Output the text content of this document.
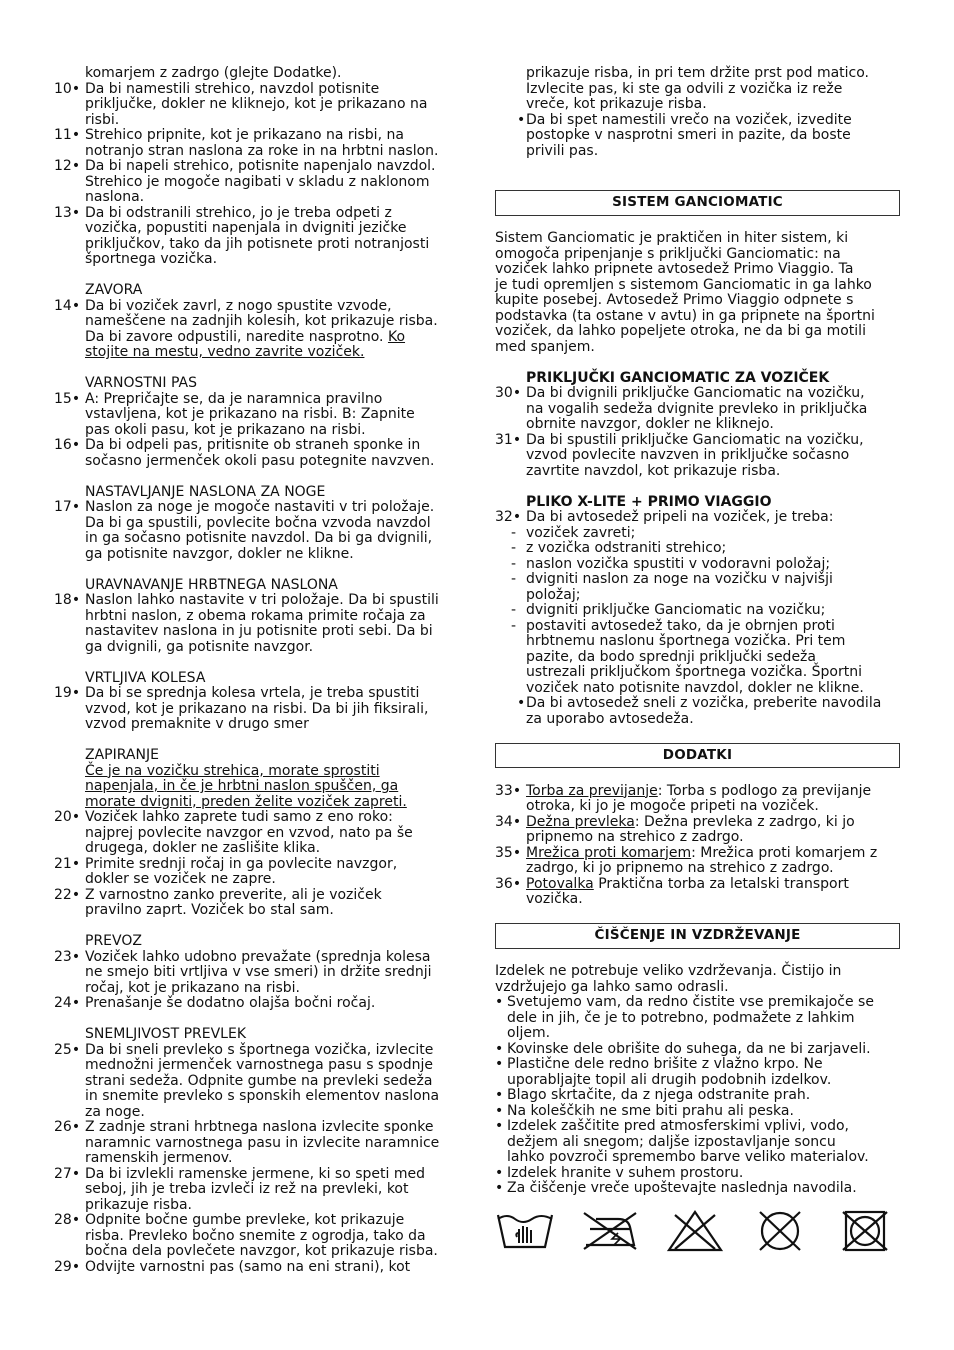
komarjem z zadrgo (glejte Dodatke).
10• Da bi namestili strehico, navzdol potisnite
priključke, dokler ne kliknejo, kot je prikazano na
risbi.
11• Strehico pripnite, kot je prikazano na risbi, na
notranjo stran naslona za roke in na hrbtni naslon.
12• Da bi napeli strehico, potisnite napenjalo navzdol.
Strehico je mogoče nagibati v skladu z naklonom
naslona.
13• Da bi odstranili strehico, jo je treba odpeti z
vozička, popustiti napenjala in dvigniti jezičke
priključkov, tako da jih potisnete proti notranjosti
športnega vozička.
ZAVORA
14• Da bi voziček zavrl, z nogo spustite vzvode,
nameščene na zadnjih kolesih, kot prikazuje risba.
Da bi zavore odpustili, naredite nasprotno. Ko
stojite na mestu, vedno zavrite voziček.
VARNOSTNI PAS
15• A: Prepričajte se, da je naramnica pravilno
vstavljena, kot je prikazano na risbi. B: Zapnite
pas okoli pasu, kot je prikazano na risbi.
16• Da bi odpeli pas, pritisnite ob straneh sponke in
sočasno jermenček okoli pasu potegnite navzven.
NASTAVLJANJE NASLONA ZA NOGE
17• Naslon za noge je mogoče nastaviti v tri položaje.
Da bi ga spustili, povlecite bočna vzvoda navzdol
in ga sočasno potisnite navzdol. Da bi ga dvignili,
ga potisnite navzgor, dokler ne klikne.
URAVNAVANJE HRBTNEGA NASLONA
18• Naslon lahko nastavite v tri položaje. Da bi spustili
hrbtni naslon, z obema rokama primite ročaja za
nastavitev naslona in ju potisnite proti sebi. Da bi
ga dvignili, ga potisnite navzgor.
VRTLJIVA KOLESA
19• Da bi se sprednja kolesa vrtela, je treba spustiti
vzvod, kot je prikazano na risbi. Da bi jih fiksirali,
vzvod premaknite v drugo smer
ZAPIRANJE
Če je na vozičku strehica, morate sprostiti
napenjala, in če je hrbtni naslon spuščen, ga
morate dvigniti, preden želite voziček zapreti.
20• Voziček lahko zaprete tudi samo z eno roko:
najprej povlecite navzgor en vzvod, nato pa še
drugega, dokler ne zaslišite klika.
21• Primite srednji ročaj in ga povlecite navzgor,
dokler se voziček ne zapre.
22• Z varnostno zanko preverite, ali je voziček
pravilno zaprt. Voziček bo stal sam.
PREVOZ
23• Voziček lahko udobno prevažate (sprednja kolesa
ne smejo biti vrtljiva v vse smeri) in držite srednji
ročaj, kot je prikazano na risbi.
24• Prenašanje še dodatno olajša bočni ročaj.
SNEMLJIVOST PREVLEK
25• Da bi sneli prevleko s športnega vozička, izvlecite
mednožni jermenček varnostnega pasu s spodnje
strani sedeža. Odpnite gumbe na prevleki sedeža
in snemite prevleko s sponskih elementov naslona
za noge.
26• Z zadnje strani hrbtnega naslona izvlecite sponke
naramnic varnostnega pasu in izvlecite naramnice
ramenskih jermenov.
27• Da bi izvlekli ramenske jermene, ki so speti med
seboj, jih je treba izvleči iz rež na prevleki, kot
prikazuje risba.
28• Odpnite bočne gumbe prevleke, kot prikazuje
risba. Prevleko bočno snemite z ogrodja, tako da
bočna dela povlečete navzgor, kot prikazuje risba.
29• Odvijte varnostni pas (samo na eni strani), kot
prikazuje risba, in pri tem držite prst pod matico.
Izvlecite pas, ki ste ga odvili z vozička iz reže
vreče, kot prikazuje risba.
• Da bi spet namestili vrečo na voziček, izvedite
postopke v nasprotni smeri in pazite, da boste
privili pas.
SISTEM GANCIOMATIC
Sistem Ganciomatic je praktičen in hiter sistem, ki
omogoča pripenjanje s priključki Ganciomatic: na
voziček lahko pripnete avtosedež Primo Viaggio. Ta
je tudi opremljen s sistemom Ganciomatic in ga lahko
kupite posebej. Avtosedež Primo Viaggio odpnete s
podstavka (ta ostane v avtu) in ga pripnete na športni
voziček, da lahko popeljete otroka, ne da bi ga motili
med spanjem.
PRIKLJUČKI GANCIOMATIC ZA VOZIČEK
30• Da bi dvignili priključke Ganciomatic na vozičku,
na vogalih sedeža dvignite prevleko in priključka
obrnite navzgor, dokler ne kliknejo.
31• Da bi spustili priključke Ganciomatic na vozičku,
vzvod povlecite navzven in priključke sočasno
zavrtite navzdol, kot prikazuje risba.
PLIKO X-LITE + PRIMO VIAGGIO
32• Da bi avtosedež pripeli na voziček, je treba:
- voziček zavreti;
- z vozička odstraniti strehico;
- naslon vozička spustiti v vodoravni položaj;
- dvigniti naslon za noge na vozičku v najvišji
položaj;
- dvigniti priključke Ganciomatic na vozičku;
- postaviti avtosedež tako, da je obrnjen proti
hrbtnemu naslonu športnega vozička. Pri tem
pazite, da bodo sprednji priključki sedeža
ustrezali priključkom športnega vozička. Športni
voziček nato potisnite navzdol, dokler ne klikne.
• Da bi avtosedež sneli z vozička, preberite navodila
za uporabo avtosedeža.
DODATKI
33• Torba za previjanje: Torba s podlogo za previjanje
otroka, ki jo je mogoče pripeti na voziček.
34• Dežna prevleka: Dežna prevleka z zadrgo, ki jo
pripnemo na strehico z zadrgo.
35• Mrežica proti komarjem: Mrežica proti komarjem z
zadrgo, ki jo pripnemo na strehico z zadrgo.
36• Potovalka Praktična torba za letalski transport
vozička.
ČIŠČENJE IN VZDRŽEVANJE
Izdelek ne potrebuje veliko vzdrževanja. Čistijo in
vzdržujejo ga lahko samo odrasli.
• Svetujemo vam, da redno čistite vse premikajoče se
dele in jih, če je to potrebno, podmažete z lahkim
oljem.
• Kovinske dele obrišite do suhega, da ne bi zarjaveli.
• Plastične dele redno brišite z vlažno krpo. Ne
uporabljajte topil ali drugih podobnih izdelkov.
• Blago skrtačite, da z njega odstranite prah.
• Na koleščkih ne sme biti prahu ali peska.
• Izdelek zaščitite pred atmosferskimi vplivi, vodo,
dežjem ali snegom; daljše izpostavljanje soncu
lahko povzroči spremembo barve veliko materialov.
• Izdelek hranite v suhem prostoru.
• Za čiščenje vreče upoštevajte naslednja navodila.
